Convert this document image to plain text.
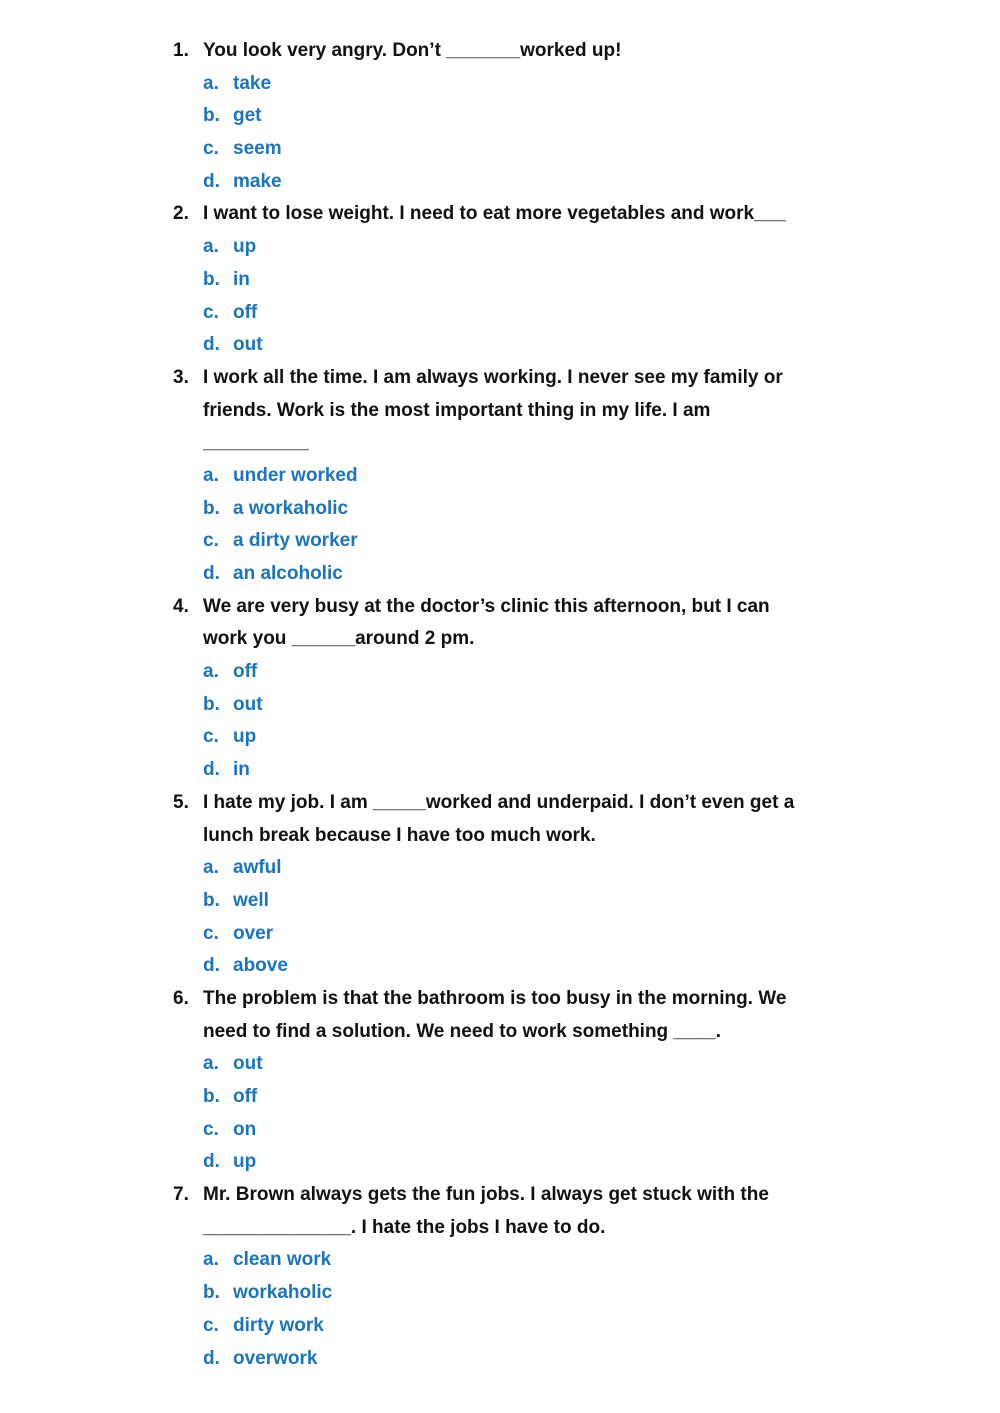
1. You look very angry. Don’t _______worked up!
a. take
b. get
c. seem
d. make
2. I want to lose weight. I need to eat more vegetables and work___
a. up
b. in
c. off
d. out
3. I work all the time. I am always working. I never see my family or
friends. Work is the most important thing in my life. I am
__________
a. under worked
b. a workaholic
c. a dirty worker
d. an alcoholic
4. We are very busy at the doctor’s clinic this afternoon, but I can
work you ______around 2 pm.
a. off
b. out
c. up
d. in
5. I hate my job. I am _____worked and underpaid. I don’t even get a
lunch break because I have too much work.
a. awful
b. well
c. over
d. above
6. The problem is that the bathroom is too busy in the morning. We
need to find a solution. We need to work something ____.
a. out
b. off
c. on
d. up
7. Mr. Brown always gets the fun jobs. I always get stuck with the
______________. I hate the jobs I have to do.
a. clean work
b. workaholic
c. dirty work
d. overwork
